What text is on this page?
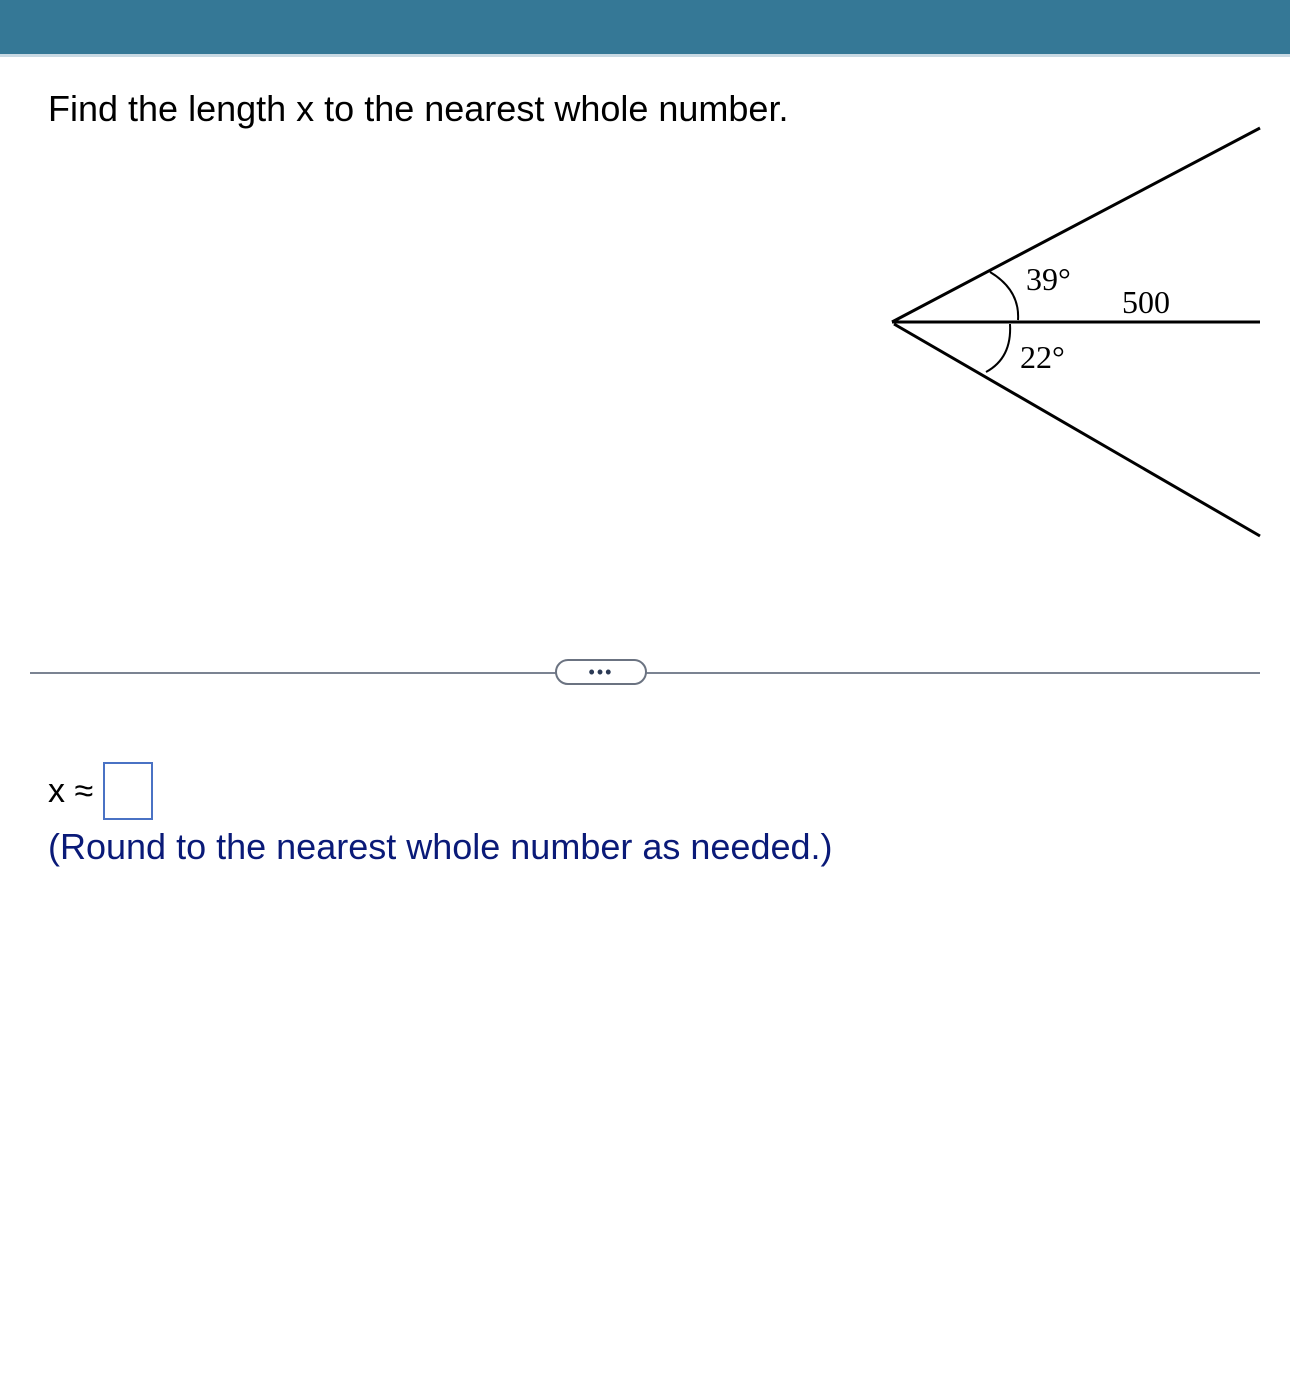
Find the length x to the nearest whole number.
39°
22°
500
•••
x ≈
(Round to the nearest whole number as needed.)
